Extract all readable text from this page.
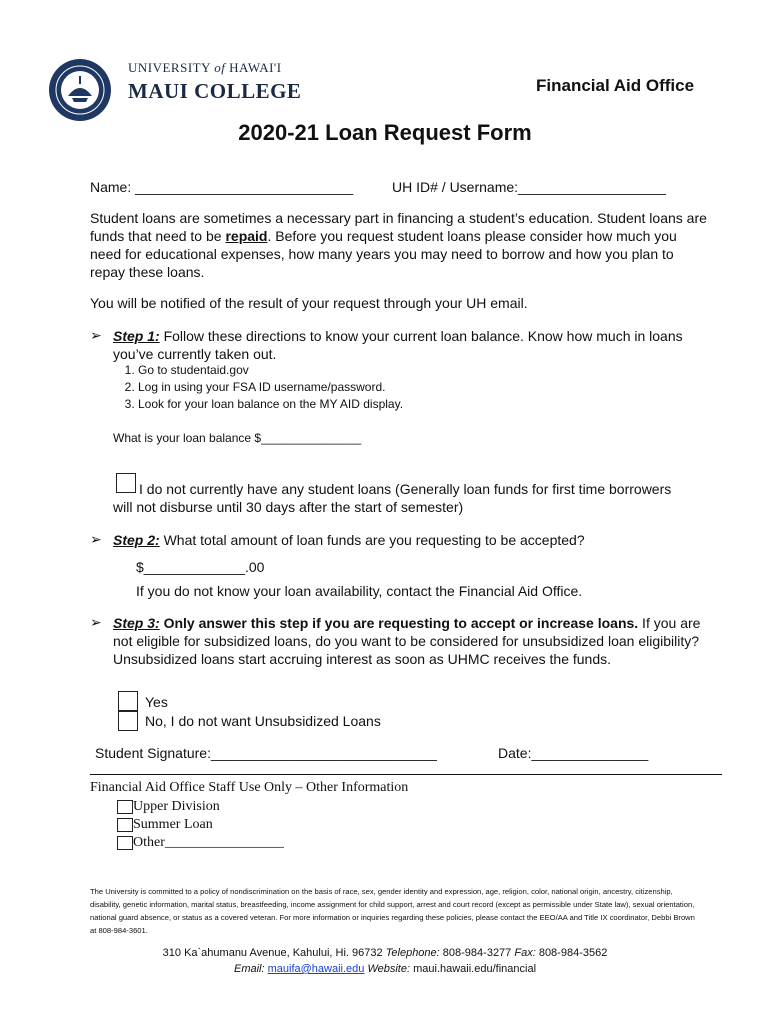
UNIVERSITY of HAWAI'I
MAUI COLLEGE	Financial Aid Office
2020-21 Loan Request Form
Name: ____________________________	UH ID# / Username:___________________
Student loans are sometimes a necessary part in financing a student’s education. Student loans are funds that need to be repaid. Before you request student loans please consider how much you need for educational expenses, how many years you may need to borrow and how you plan to repay these loans.
You will be notified of the result of your request through your UH email.
➢ Step 1: Follow these directions to know your current loan balance. Know how much in loans you’ve currently taken out.
1. Go to studentaid.gov
2. Log in using your FSA ID username/password.
3. Look for your loan balance on the MY AID display.
What is your loan balance $_______________
I do not currently have any student loans (Generally loan funds for first time borrowers will not disburse until 30 days after the start of semester)
➢ Step 2: What total amount of loan funds are you requesting to be accepted?
$_____________.00
If you do not know your loan availability, contact the Financial Aid Office.
➢ Step 3: Only answer this step if you are requesting to accept or increase loans. If you are not eligible for subsidized loans, do you want to be considered for unsubsidized loan eligibility? Unsubsidized loans start accruing interest as soon as UHMC receives the funds.
Yes
No, I do not want Unsubsidized Loans
Student Signature:_____________________________	Date:_______________
Financial Aid Office Staff Use Only – Other Information
Upper Division
Summer Loan
Other_________________
The University is committed to a policy of nondiscrimination on the basis of race, sex, gender identity and expression, age, religion, color, national origin, ancestry, citizenship, disability, genetic information, marital status, breastfeeding, income assignment for child support, arrest and court record (except as permissible under State law), sexual orientation, national guard absence, or status as a covered veteran. For more information or inquiries regarding these policies, please contact the EEO/AA and Title IX coordinator, Debbi Brown at 808-984-3601.
310 Ka`ahumanu Avenue, Kahului, Hi. 96732 Telephone: 808-984-3277 Fax: 808-984-3562
Email: mauifa@hawaii.edu Website: maui.hawaii.edu/financial
